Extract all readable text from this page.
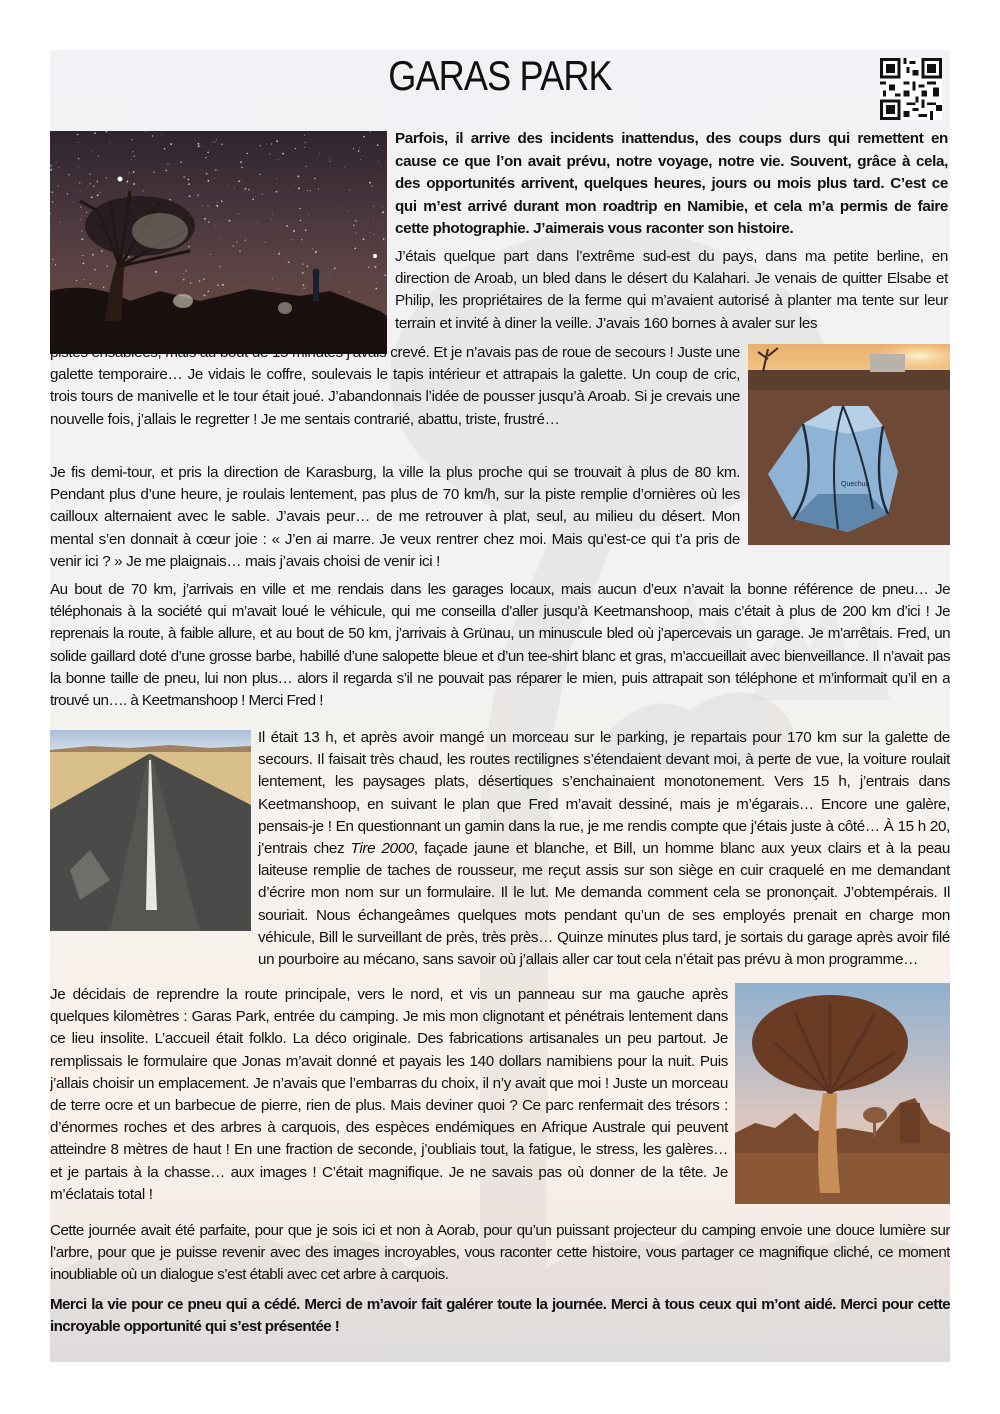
GARAS PARK
Quechua
Parfois, il arrive des incidents inattendus, des coups durs qui remettent en cause ce que l’on avait prévu, notre voyage, notre vie. Souvent, grâce à cela, des opportunités arrivent, quelques heures, jours ou mois plus tard. C’est ce qui m’est arrivé durant mon roadtrip en Namibie, et cela m’a permis de faire cette photographie. J’aimerais vous raconter son histoire.
J’étais quelque part dans l’extrême sud-est du pays, dans ma petite berline, en direction de Aroab, un bled dans le désert du Kalahari. Je venais de quitter Elsabe et Philip, les propriétaires de la ferme qui m’avaient autorisé à planter ma tente sur leur terrain et invité à diner la veille. J’avais 160 bornes à avaler sur les
pistes ensablées, mais au bout de 15 minutes j’avais crevé. Et je n’avais pas de roue de secours ! Juste une galette temporaire… Je vidais le coffre, soulevais le tapis intérieur et attrapais la galette. Un coup de cric, trois tours de manivelle et le tour était joué. J’abandonnais l’idée de pousser jusqu’à Aroab. Si je crevais une nouvelle fois, j’allais le regretter ! Je me sentais contrarié, abattu, triste, frustré…
Je fis demi-tour, et pris la direction de Karasburg, la ville la plus proche qui se trouvait à plus de 80 km. Pendant plus d’une heure, je roulais lentement, pas plus de 70 km/h, sur la piste remplie d’ornières où les cailloux alternaient avec le sable. J’avais peur… de me retrouver à plat, seul, au milieu du désert. Mon mental s’en donnait à cœur joie : « J’en ai marre. Je veux rentrer chez moi. Mais qu’est-ce qui t’a pris de venir ici ? » Je me plaignais… mais j’avais choisi de venir ici !
Au bout de 70 km, j’arrivais en ville et me rendais dans les garages locaux, mais aucun d’eux n’avait la bonne référence de pneu… Je téléphonais à la société qui m’avait loué le véhicule, qui me conseilla d’aller jusqu’à Keetmanshoop, mais c’était à plus de 200 km d’ici ! Je reprenais la route, à faible allure, et au bout de 50 km, j’arrivais à Grünau, un minuscule bled où j’apercevais un garage. Je m’arrêtais. Fred, un solide gaillard doté d’une grosse barbe, habillé d’une salopette bleue et d’un tee-shirt blanc et gras, m’accueillait avec bienveillance. Il n’avait pas la bonne taille de pneu, lui non plus… alors il regarda s’il ne pouvait pas réparer le mien, puis attrapait son téléphone et m’informait qu’il en a trouvé un…. à Keetmanshoop ! Merci Fred !
Il était 13 h, et après avoir mangé un morceau sur le parking, je repartais pour 170 km sur la galette de secours. Il faisait très chaud, les routes rectilignes s’étendaient devant moi, à perte de vue, la voiture roulait lentement, les paysages plats, désertiques s’enchainaient monotonement. Vers 15 h, j’entrais dans Keetmanshoop, en suivant le plan que Fred m’avait dessiné, mais je m’égarais… Encore une galère, pensais-je ! En questionnant un gamin dans la rue, je me rendis compte que j’étais juste à côté… À 15 h 20, j’entrais chez Tire 2000, façade jaune et blanche, et Bill, un homme blanc aux yeux clairs et à la peau laiteuse remplie de taches de rousseur, me reçut assis sur son siège en cuir craquelé en me demandant d’écrire mon nom sur un formulaire. Il le lut. Me demanda comment cela se prononçait. J’obtempérais. Il souriait. Nous échangeâmes quelques mots pendant qu’un de ses employés prenait en charge mon véhicule, Bill le surveillant de près, très près… Quinze minutes plus tard, je sortais du garage après avoir filé un pourboire au mécano, sans savoir où j’allais aller car tout cela n’était pas prévu à mon programme…
Je décidais de reprendre la route principale, vers le nord, et vis un panneau sur ma gauche après quelques kilomètres : Garas Park, entrée du camping. Je mis mon clignotant et pénétrais lentement dans ce lieu insolite. L’accueil était folklo. La déco originale. Des fabrications artisanales un peu partout. Je remplissais le formulaire que Jonas m’avait donné et payais les 140 dollars namibiens pour la nuit. Puis j’allais choisir un emplacement. Je n’avais que l’embarras du choix, il n’y avait que moi ! Juste un morceau de terre ocre et un barbecue de pierre, rien de plus. Mais deviner quoi ? Ce parc renfermait des trésors : d’énormes roches et des arbres à carquois, des espèces endémiques en Afrique Australe qui peuvent atteindre 8 mètres de haut ! En une fraction de seconde, j’oubliais tout, la fatigue, le stress, les galères… et je partais à la chasse… aux images ! C’était magnifique. Je ne savais pas où donner de la tête. Je m’éclatais total !
Cette journée avait été parfaite, pour que je sois ici et non à Aorab, pour qu’un puissant projecteur du camping envoie une douce lumière sur l’arbre, pour que je puisse revenir avec des images incroyables, vous raconter cette histoire, vous partager ce magnifique cliché, ce moment inoubliable où un dialogue s’est établi avec cet arbre à carquois.
Merci la vie pour ce pneu qui a cédé. Merci de m’avoir fait galérer toute la journée. Merci à tous ceux qui m’ont aidé. Merci pour cette incroyable opportunité qui s’est présentée !
